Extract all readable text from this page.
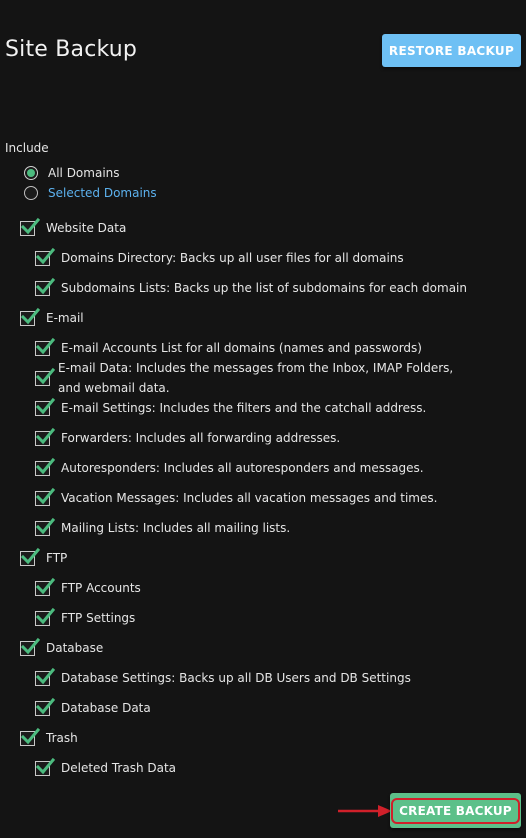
Site Backup	RESTORE BACKUP
Include
All Domains
Selected Domains
Website Data
Domains Directory: Backs up all user files for all domains
Subdomains Lists: Backs up the list of subdomains for each domain
E-mail
E-mail Accounts List for all domains (names and passwords)
E-mail Data: Includes the messages from the Inbox, IMAP Folders, and webmail data.
E-mail Settings: Includes the filters and the catchall address.
Forwarders: Includes all forwarding addresses.
Autoresponders: Includes all autoresponders and messages.
Vacation Messages: Includes all vacation messages and times.
Mailing Lists: Includes all mailing lists.
FTP
FTP Accounts
FTP Settings
Database
Database Settings: Backs up all DB Users and DB Settings
Database Data
Trash
Deleted Trash Data
CREATE BACKUP
